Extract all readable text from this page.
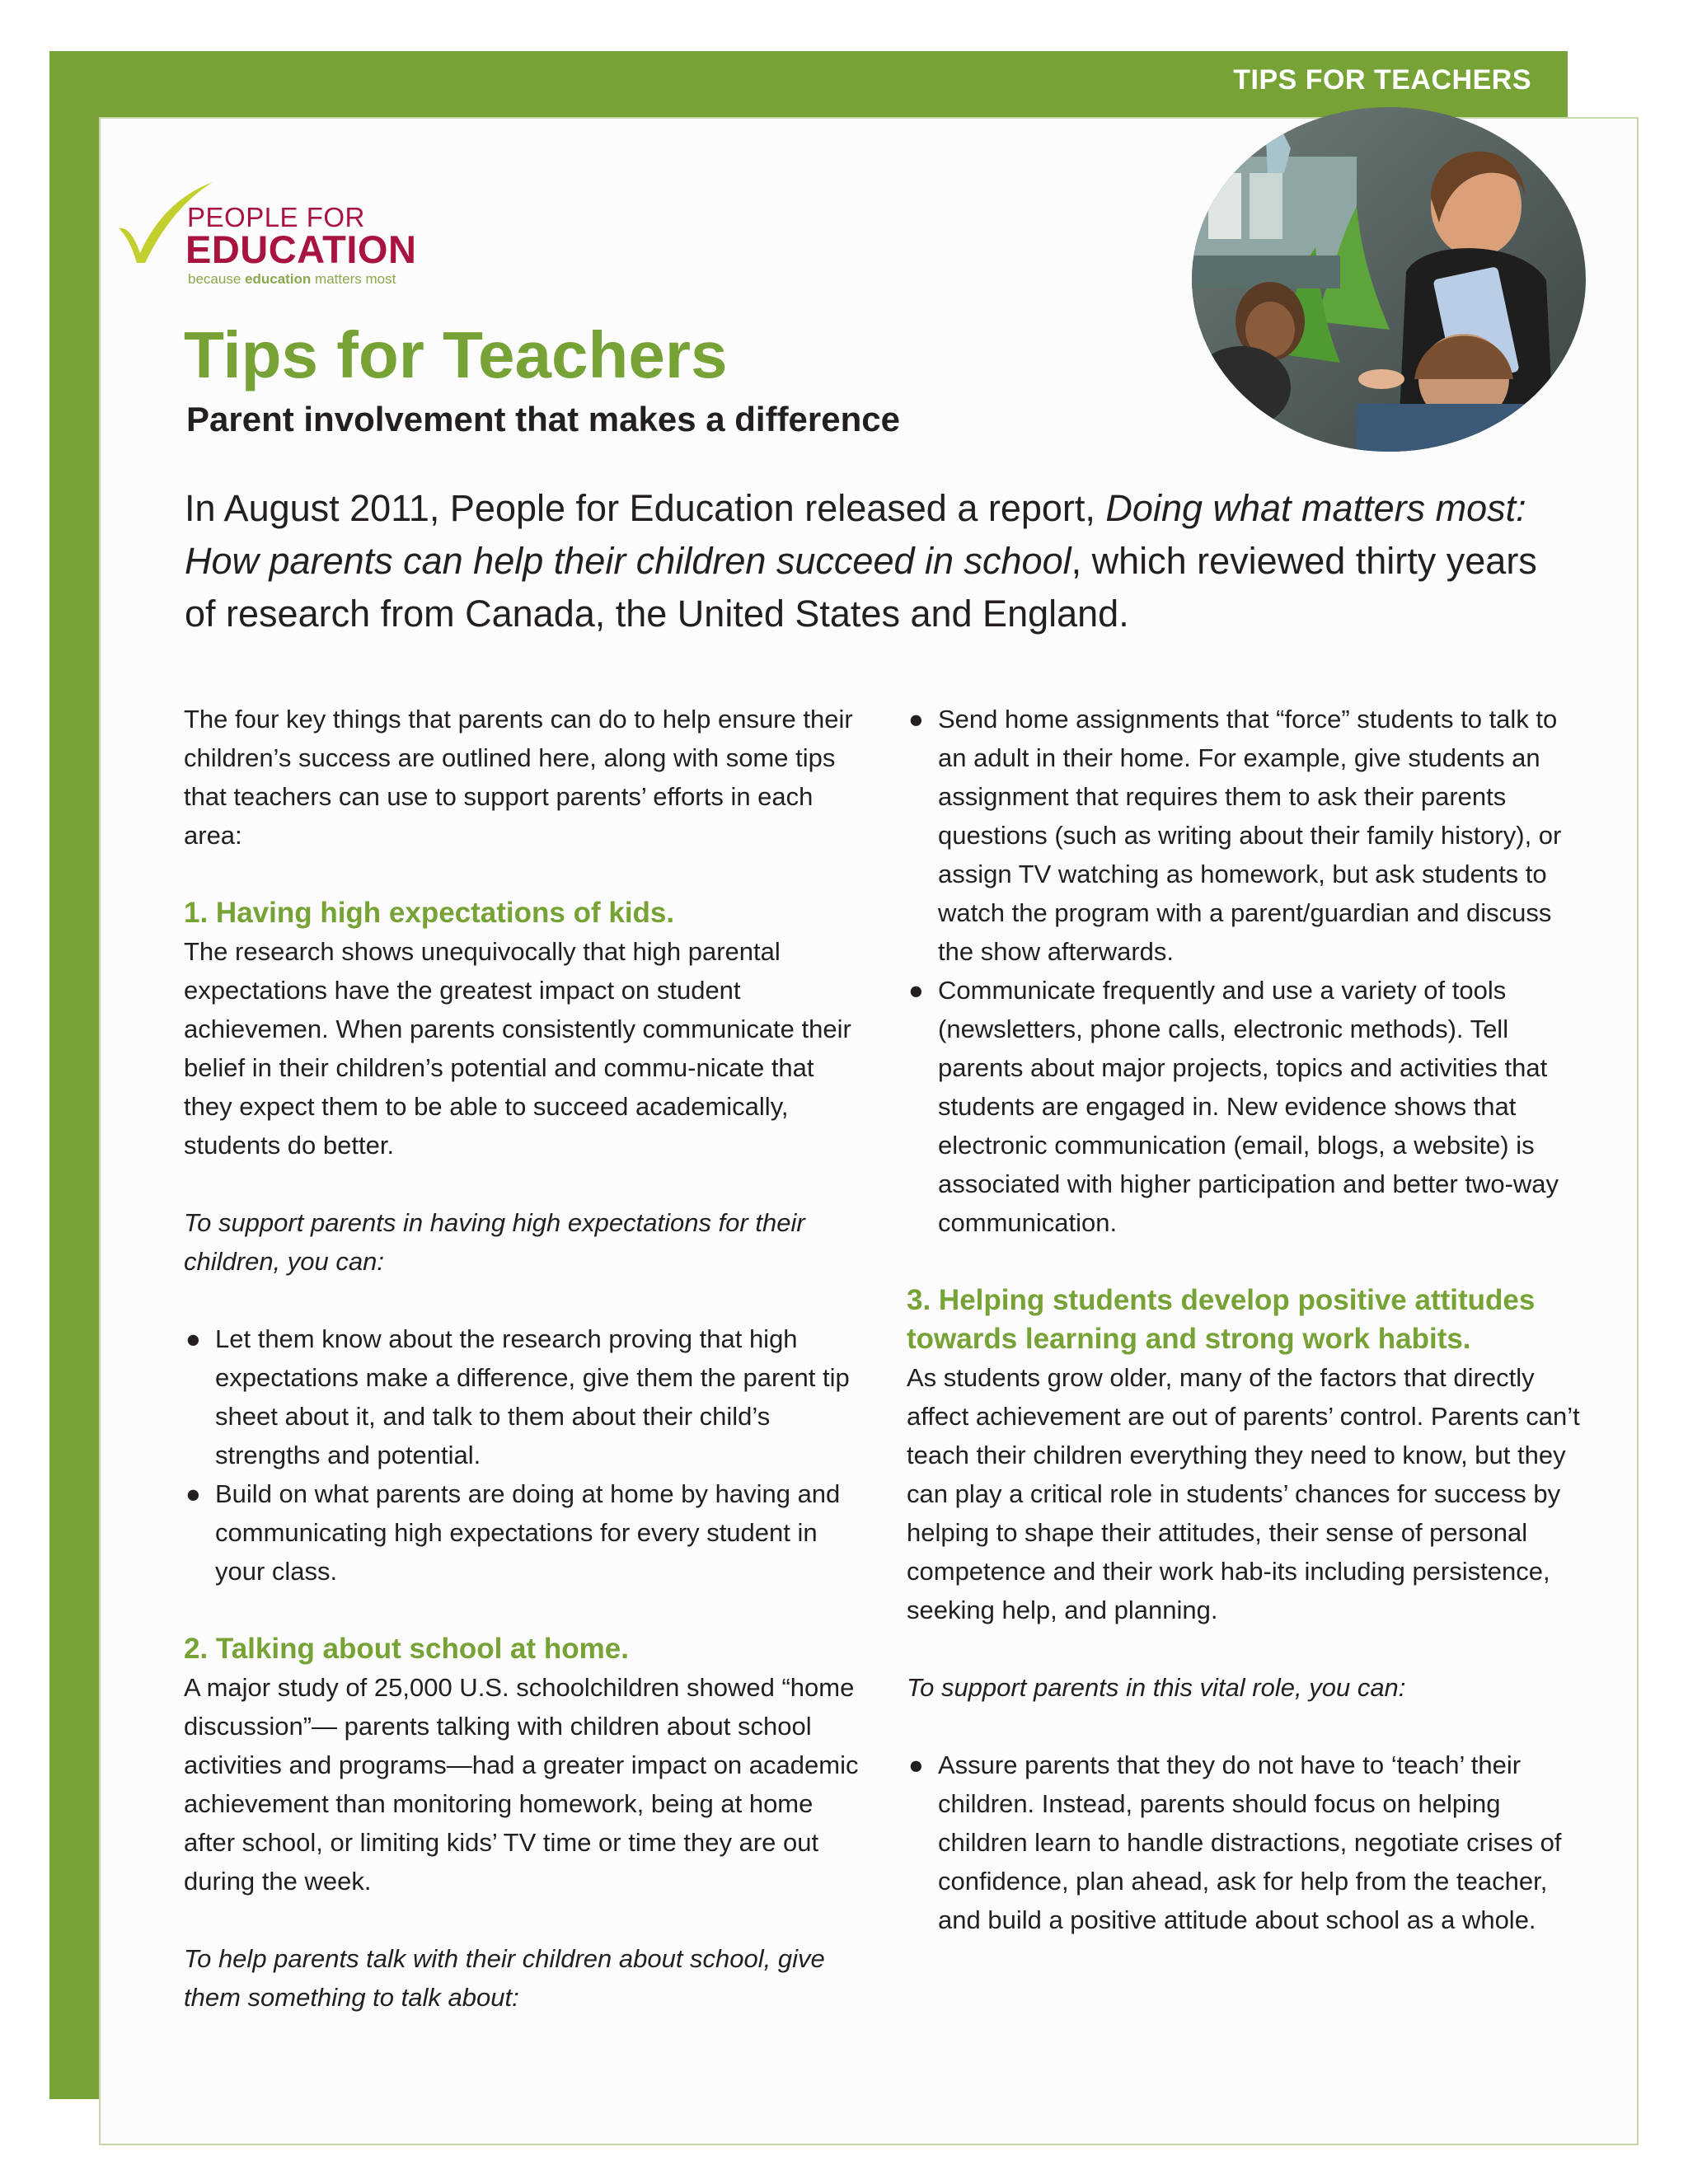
TIPS FOR TEACHERS
PEOPLE FOR
EDUCATION
because education matters most
Tips for Teachers
Parent involvement that makes a difference
In August 2011, People for Education released a report, Doing what matters most: How parents can help their children succeed in school, which reviewed thirty years of research from Canada, the United States and England.

The four key things that parents can do to help ensure their children’s success are outlined here, along with some tips that teachers can use to support parents’ efforts in each area:

1. Having high expectations of kids.

The research shows unequivocally that high parental expectations have the greatest impact on student achievemen. When parents consistently communicate their belief in their children’s potential and commu-nicate that they expect them to be able to succeed academically, students do better.

To support parents in having high expectations for their children, you can:

● Let them know about the research proving that high expectations make a difference, give them the parent tip sheet about it, and talk to them about their child’s strengths and potential.
● Build on what parents are doing at home by having and communicating high expectations for every student in your class.

2. Talking about school at home.

A major study of 25,000 U.S. schoolchildren showed “home discussion”— parents talking with children about school activities and programs—had a greater impact on academic achievement than monitoring homework, being at home after school, or limiting kids’ TV time or time they are out during the week.

To help parents talk with their children about school, give them something to talk about:

● Send home assignments that “force” students to talk to an adult in their home. For example, give students an assignment that requires them to ask their parents questions (such as writing about their family history), or assign TV watching as homework, but ask students to watch the program with a parent/guardian and discuss the show afterwards.
● Communicate frequently and use a variety of tools (newsletters, phone calls, electronic methods). Tell parents about major projects, topics and activities that students are engaged in. New evidence shows that electronic communication (email, blogs, a website) is associated with higher participation and better two-way communication.

3. Helping students develop positive attitudes towards learning and strong work habits.

As students grow older, many of the factors that directly affect achievement are out of parents’ control. Parents can’t teach their children everything they need to know, but they can play a critical role in students’ chances for success by helping to shape their attitudes, their sense of personal competence and their work hab-its including persistence, seeking help, and planning.

To support parents in this vital role, you can:

● Assure parents that they do not have to ‘teach’ their children. Instead, parents should focus on helping children learn to handle distractions, negotiate crises of confidence, plan ahead, ask for help from the teacher, and build a positive attitude about school as a whole.
